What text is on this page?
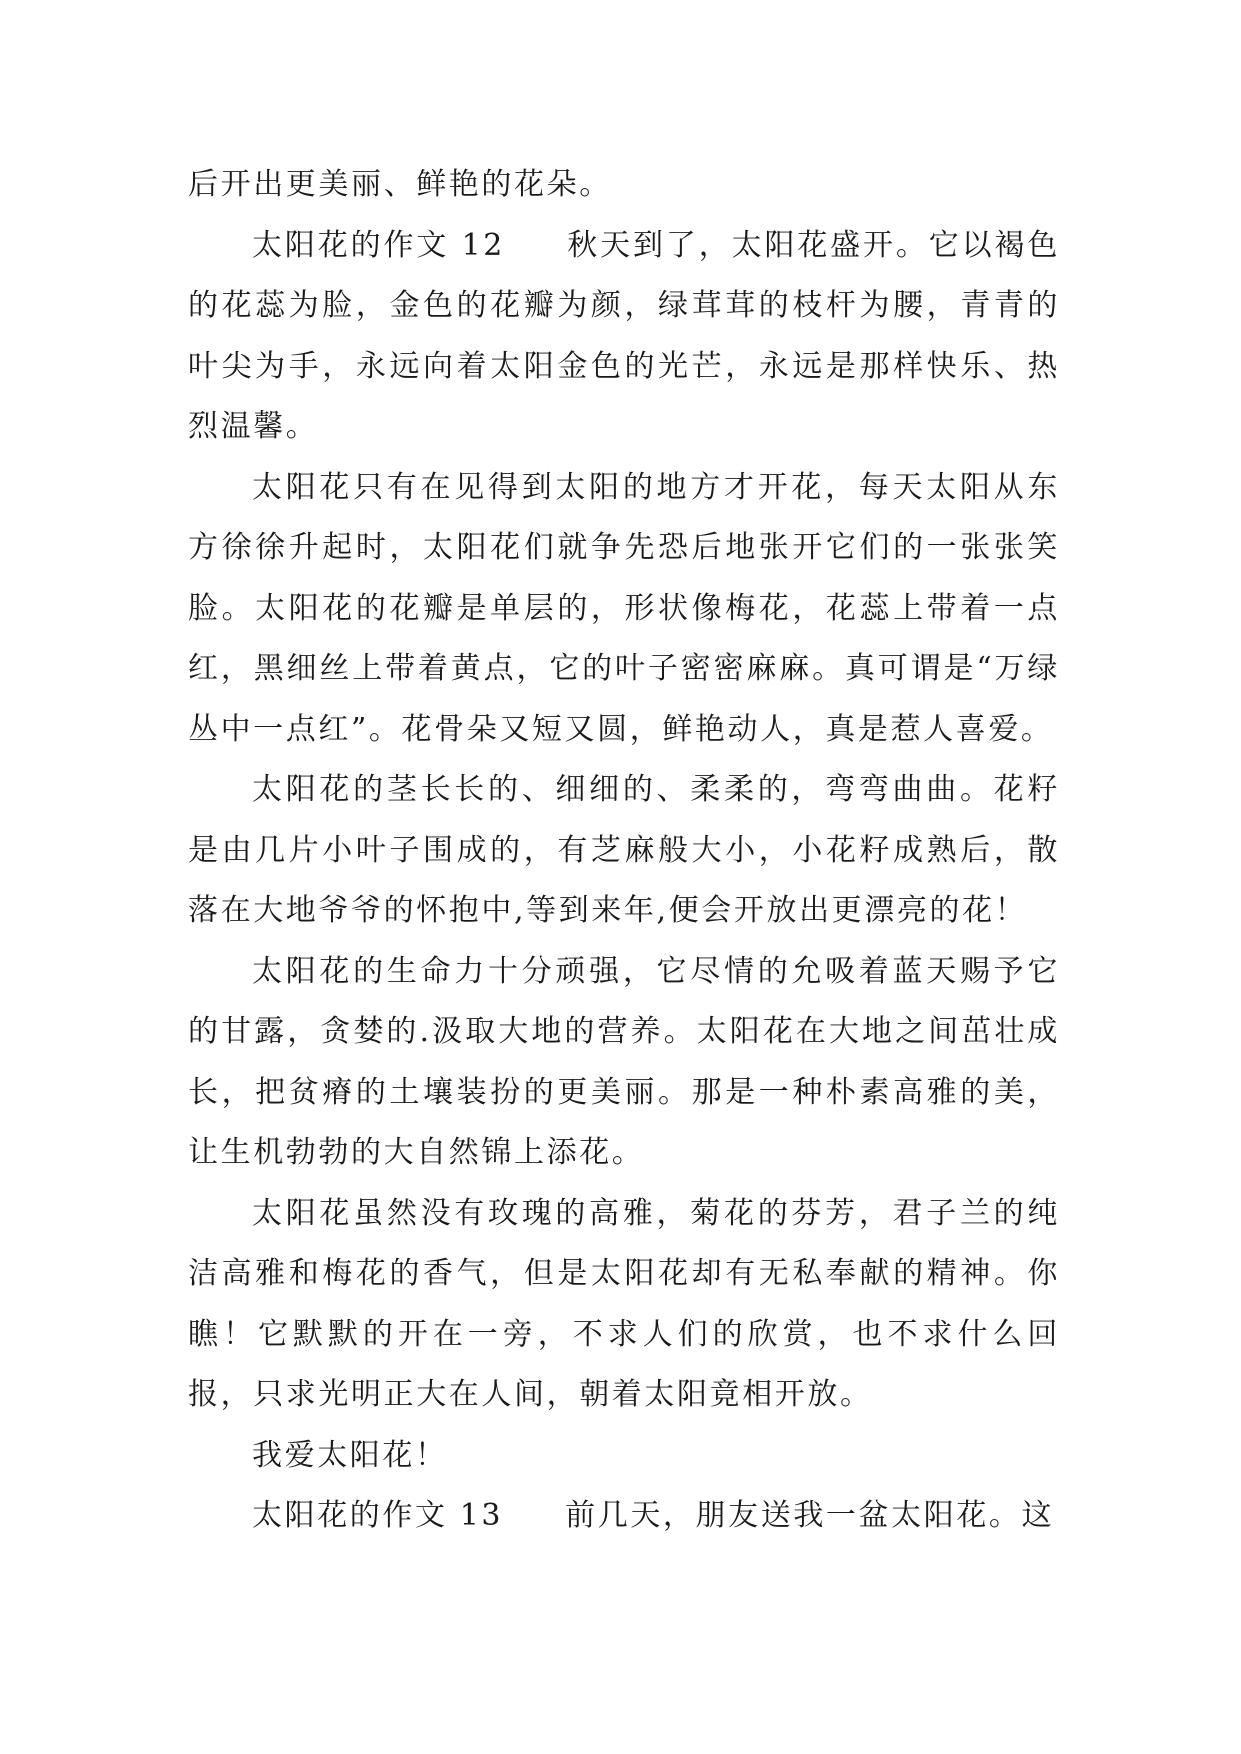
后开出更美丽、鲜艳的花朵。

太阳花的作文 12 秋天到了，太阳花盛开。它以褐色的花蕊为脸，金色的花瓣为颜，绿茸茸的枝杆为腰，青青的叶尖为手，永远向着太阳金色的光芒，永远是那样快乐、热烈温馨。

太阳花只有在见得到太阳的地方才开花，每天太阳从东方徐徐升起时，太阳花们就争先恐后地张开它们的一张张笑脸。太阳花的花瓣是单层的，形状像梅花，花蕊上带着一点红，黑细丝上带着黄点，它的叶子密密麻麻。真可谓是“万绿丛中一点红”。花骨朵又短又圆，鲜艳动人，真是惹人喜爱。

太阳花的茎长长的、细细的、柔柔的，弯弯曲曲。花籽是由几片小叶子围成的，有芝麻般大小，小花籽成熟后，散落在大地爷爷的怀抱中,等到来年,便会开放出更漂亮的花！

太阳花的生命力十分顽强，它尽情的允吸着蓝天赐予它的甘露，贪婪的.汲取大地的营养。太阳花在大地之间茁壮成长，把贫瘠的土壤装扮的更美丽。那是一种朴素高雅的美，让生机勃勃的大自然锦上添花。

太阳花虽然没有玫瑰的高雅，菊花的芬芳，君子兰的纯洁高雅和梅花的香气，但是太阳花却有无私奉献的精神。你瞧！它默默的开在一旁，不求人们的欣赏，也不求什么回报，只求光明正大在人间，朝着太阳竟相开放。

我爱太阳花！

太阳花的作文 13 前几天，朋友送我一盆太阳花。这
